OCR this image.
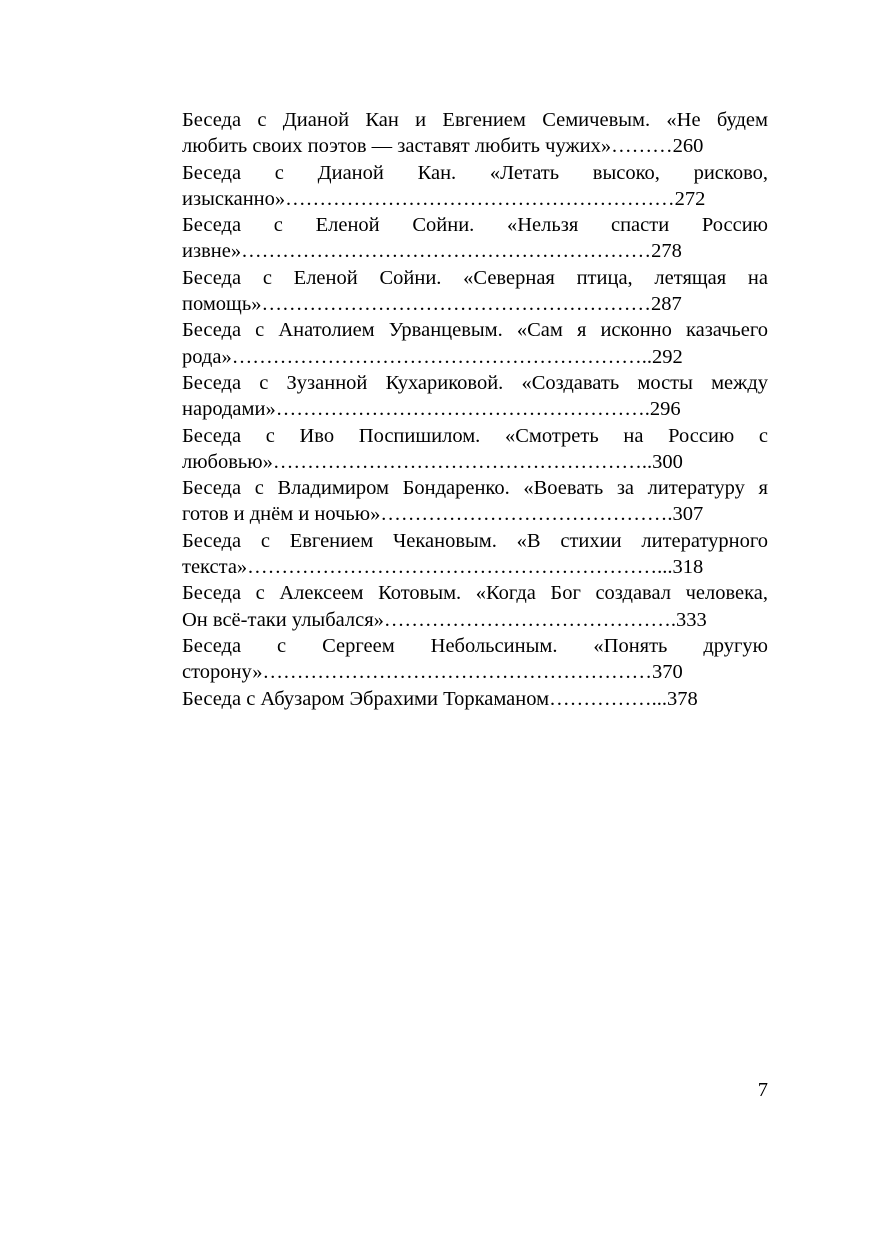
Беседа с Дианой Кан и Евгением Семичевым. «Не будем
любить своих поэтов — заставят любить чужих»………260
Беседа с Дианой Кан. «Летать высоко, рисково,
изысканно»…………………………………………………272
Беседа с Еленой Сойни. «Нельзя спасти Россию
извне»……………………………………………………278
Беседа с Еленой Сойни. «Северная птица, летящая на
помощь»…………………………………………………287
Беседа с Анатолием Урванцевым. «Сам я исконно казачьего
рода»……………………………………………………..292
Беседа с Зузанной Кухариковой. «Создавать мосты между
народами»……………………………………………….296
Беседа с Иво Поспишилом. «Смотреть на Россию с
любовью»………………………………………………..300
Беседа с Владимиром Бондаренко. «Воевать за литературу я
готов и днём и ночью»…………………………………….307
Беседа с Евгением Чекановым. «В стихии литературного
текста»……………………………………………………...318
Беседа с Алексеем Котовым. «Когда Бог создавал человека,
Он всё-таки улыбался»…………………………………….333
Беседа с Сергеем Небольсиным. «Понять другую
сторону»…………………………………………………370
Беседа с Абузаром Эбрахими Торкаманом……………...378
7
